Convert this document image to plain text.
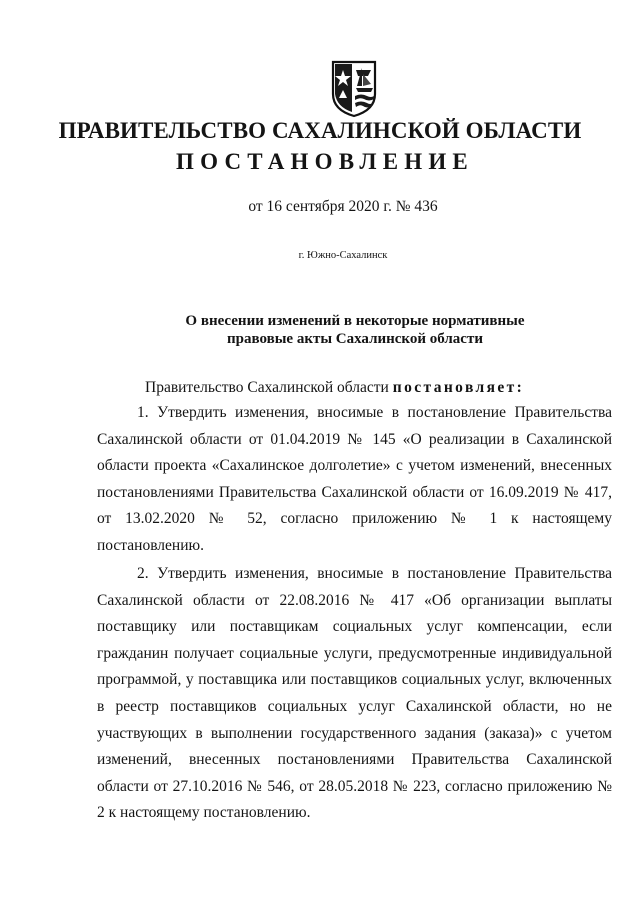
ПРАВИТЕЛЬСТВО САХАЛИНСКОЙ ОБЛАСТИ
ПОСТАНОВЛЕНИЕ
от 16 сентября 2020 г. № 436
г. Южно-Сахалинск
О внесении изменений в некоторые нормативные
правовые акты Сахалинской области
Правительство Сахалинской области постановляет:

1. Утвердить изменения, вносимые в постановление Правительства Сахалинской области от 01.04.2019 № 145 «О реализации в Сахалинской области проекта «Сахалинское долголетие» с учетом изменений, внесенных постановлениями Правительства Сахалинской области от 16.09.2019 № 417, от 13.02.2020 № 52, согласно приложению № 1 к настоящему постановлению.

2. Утвердить изменения, вносимые в постановление Правительства Сахалинской области от 22.08.2016 № 417 «Об организации выплаты поставщику или поставщикам социальных услуг компенсации, если гражданин получает социальные услуги, предусмотренные индивидуальной программой, у поставщика или поставщиков социальных услуг, включенных в реестр поставщиков социальных услуг Сахалинской области, но не участвующих в выполнении государственного задания (заказа)» с учетом изменений, внесенных постановлениями Правительства Сахалинской области от 27.10.2016 № 546, от 28.05.2018 № 223, согласно приложению № 2 к настоящему постановлению.
